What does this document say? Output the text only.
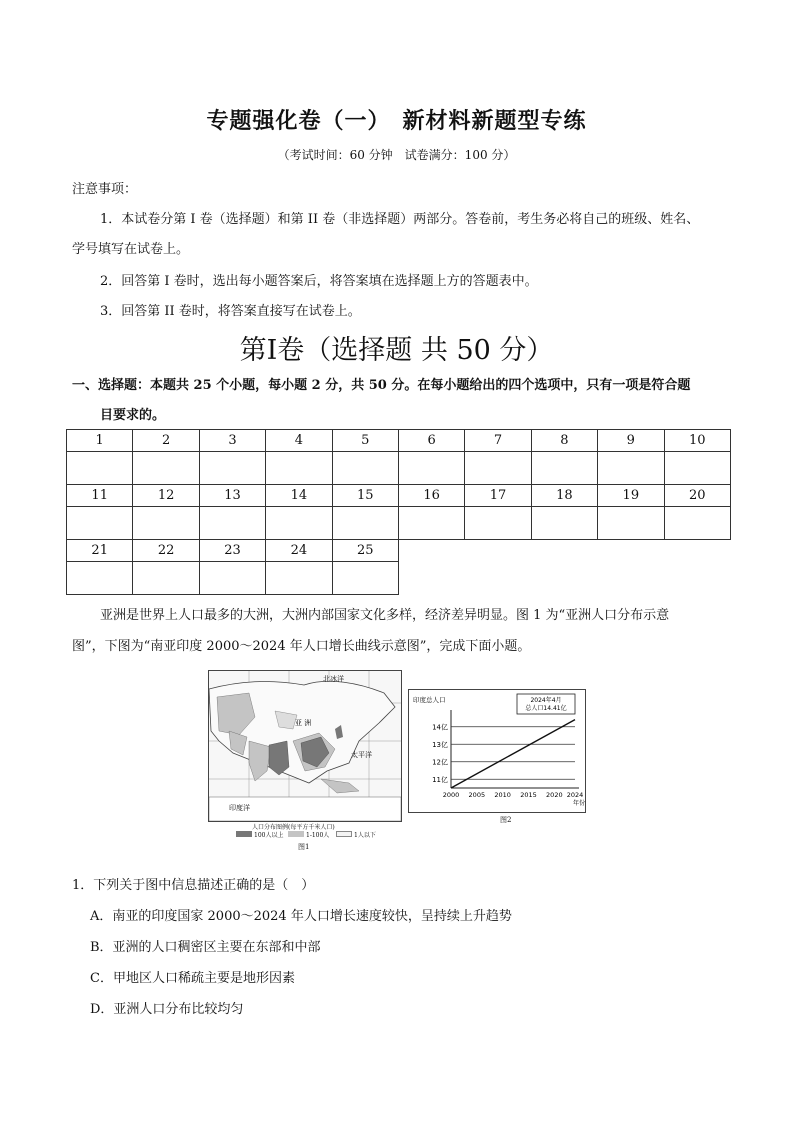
专题强化卷（一）　新材料新题型专练
（考试时间：60 分钟　试卷满分：100 分）
注意事项：
1．本试卷分第 I 卷（选择题）和第 II 卷（非选择题）两部分。答卷前，考生务必将自己的班级、姓名、
学号填写在试卷上。
2．回答第 I 卷时，选出每小题答案后，将答案填在选择题上方的答题表中。
3．回答第 II 卷时，将答案直接写在试卷上。
第I卷（选择题 共 50 分）
一、选择题：本题共 25 个小题，每小题 2 分，共 50 分。在每小题给出的四个选项中，只有一项是符合题
目要求的。
1	2	3	4	5	6	7	8	9	10

11	12	13	14	15	16	17	18	19	20

21	22	23	24	25					

亚洲是世界上人口最多的大洲，大洲内部国家文化多样，经济差异明显。图 1 为“亚洲人口分布示意
图”，下图为“南亚印度 2000～2024 年人口增长曲线示意图”，完成下面小题。
北冰洋
亚 洲
太平洋
印度洋
人口分布图例(每平方千米人口)
100人以上	1-100人	1人以下
图1
11亿
12亿
13亿
14亿
2000 2005 2010 2015 2020 2024
印度总人口	2024年4月
总人口14.41亿
年份
图2
1．下列关于图中信息描述正确的是（　）
A．南亚的印度国家 2000～2024 年人口增长速度较快，呈持续上升趋势
B．亚洲的人口稠密区主要在东部和中部
C．甲地区人口稀疏主要是地形因素
D．亚洲人口分布比较均匀
